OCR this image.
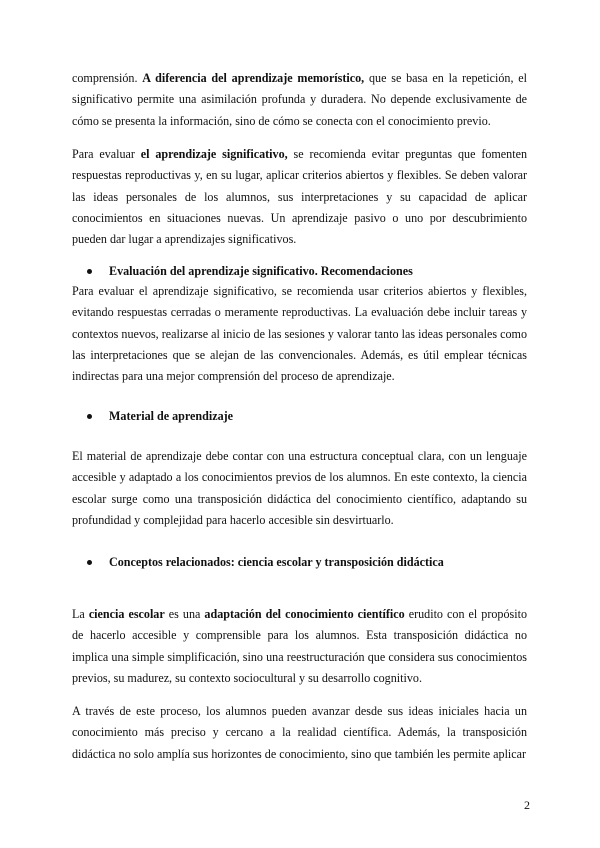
comprensión. A diferencia del aprendizaje memorístico, que se basa en la repetición, el significativo permite una asimilación profunda y duradera. No depende exclusivamente de cómo se presenta la información, sino de cómo se conecta con el conocimiento previo.

Para evaluar el aprendizaje significativo, se recomienda evitar preguntas que fomenten respuestas reproductivas y, en su lugar, aplicar criterios abiertos y flexibles. Se deben valorar las ideas personales de los alumnos, sus interpretaciones y su capacidad de aplicar conocimientos en situaciones nuevas. Un aprendizaje pasivo o uno por descubrimiento pueden dar lugar a aprendizajes significativos.

Evaluación del aprendizaje significativo. Recomendaciones

Para evaluar el aprendizaje significativo, se recomienda usar criterios abiertos y flexibles, evitando respuestas cerradas o meramente reproductivas. La evaluación debe incluir tareas y contextos nuevos, realizarse al inicio de las sesiones y valorar tanto las ideas personales como las interpretaciones que se alejan de las convencionales. Además, es útil emplear técnicas indirectas para una mejor comprensión del proceso de aprendizaje.

Material de aprendizaje

El material de aprendizaje debe contar con una estructura conceptual clara, con un lenguaje accesible y adaptado a los conocimientos previos de los alumnos. En este contexto, la ciencia escolar surge como una transposición didáctica del conocimiento científico, adaptando su profundidad y complejidad para hacerlo accesible sin desvirtuarlo.

Conceptos relacionados: ciencia escolar y transposición didáctica

La ciencia escolar es una adaptación del conocimiento científico erudito con el propósito de hacerlo accesible y comprensible para los alumnos. Esta transposición didáctica no implica una simple simplificación, sino una reestructuración que considera sus conocimientos previos, su madurez, su contexto sociocultural y su desarrollo cognitivo.

A través de este proceso, los alumnos pueden avanzar desde sus ideas iniciales hacia un conocimiento más preciso y cercano a la realidad científica. Además, la transposición didáctica no solo amplía sus horizontes de conocimiento, sino que también les permite aplicar

2
